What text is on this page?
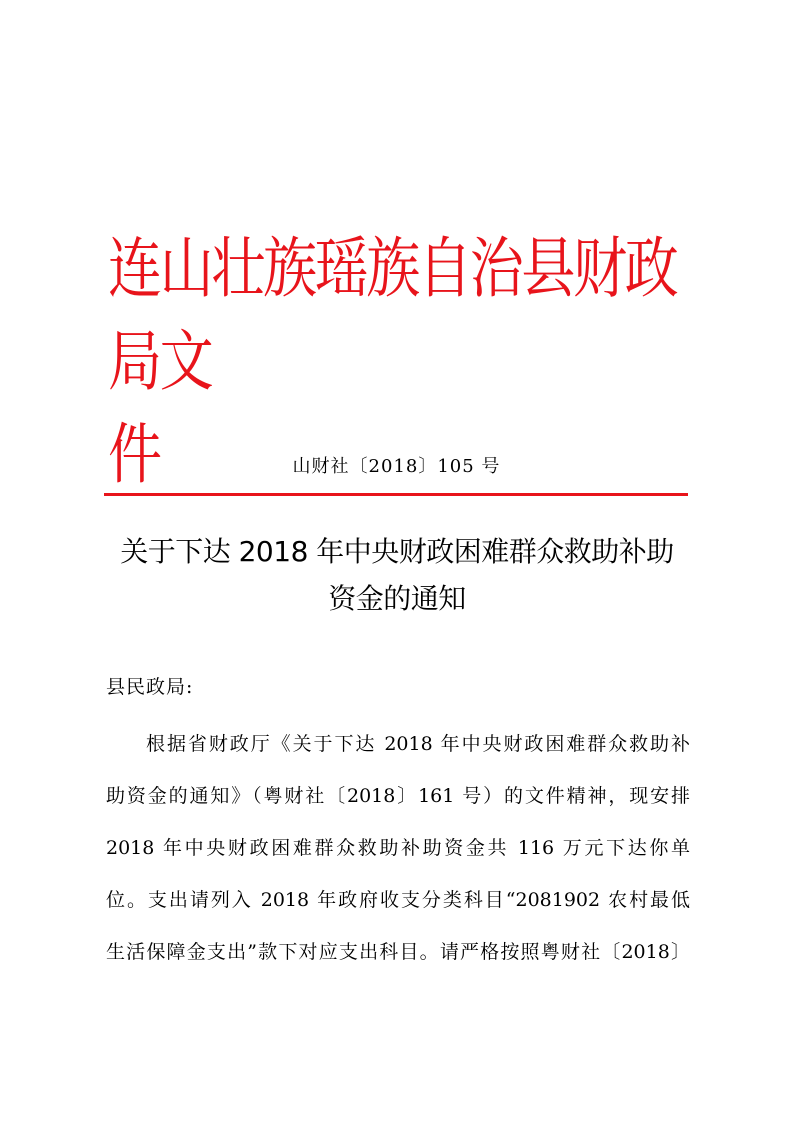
连山壮族瑶族自治县财政局文
件	山财社〔2018〕105 号
关于下达 2018 年中央财政困难群众救助补助
资金的通知
县民政局:
根据省财政厅《关于下达 2018 年中央财政困难群众救助补
助资金的通知》（粤财社〔2018〕161 号）的文件精神，现安排
2018 年中央财政困难群众救助补助资金共 116 万元下达你单
位。支出请列入 2018 年政府收支分类科目“2081902 农村最低
生活保障金支出”款下对应支出科目。请严格按照粤财社〔2018〕
